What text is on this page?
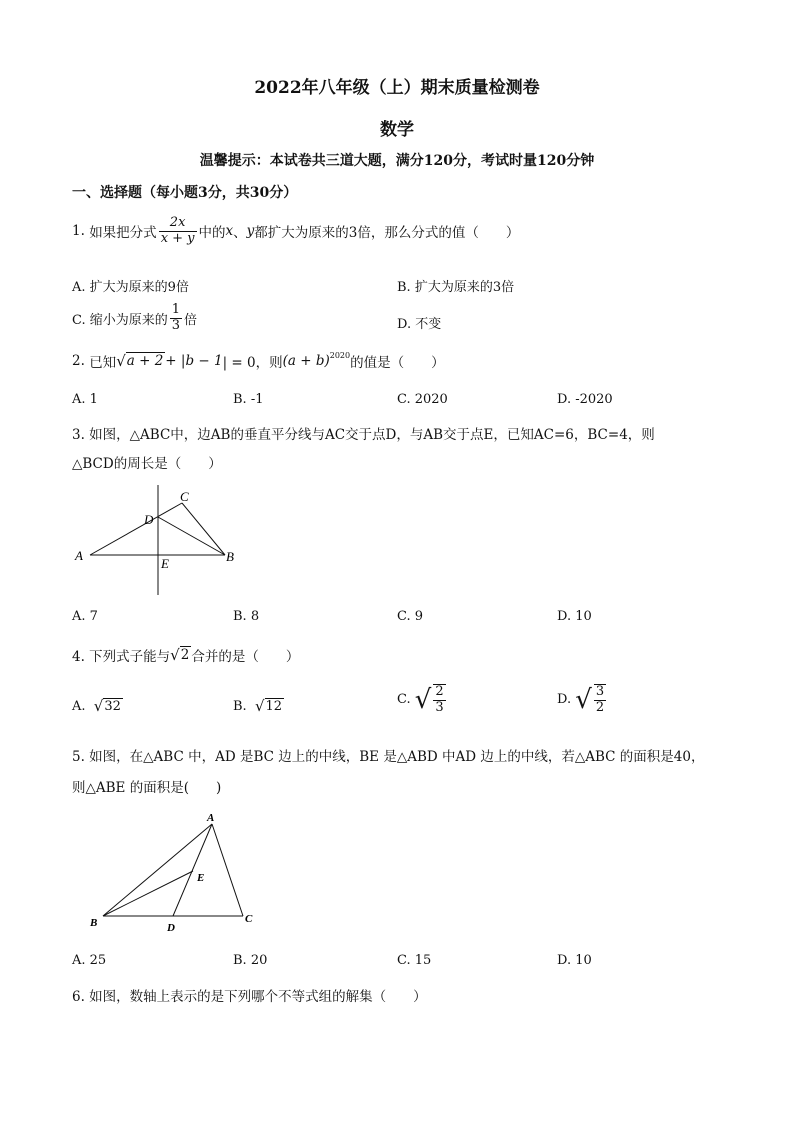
2022年八年级（上）期末质量检测卷
数学
温馨提示：本试卷共三道大题，满分120分，考试时量120分钟
一、选择题（每小题3分，共30分）
1.
如果把分式 $\frac{2x}{x + y}$ 中的 x 、 y 都扩大为原来的3倍，那么分式的值（　　）
A. 扩大为原来的9倍	B. 扩大为原来的3倍
C. 缩小为原来的 $\frac{1}{3}$ 倍	D. 不变
2.
已知 √ a + 2 + | b − 1 | = 0，则 $(a + b)^{2020}$ 的值是（　　）
A. 1	B. -1	C. 2020	D. -2020
3. 如图，△ABC中，边AB的垂直平分线与AC交于点D，与AB交于点E，已知AC=6，BC=4，则
△BCD的周长是（　　）
A	B
C
D
E
A. 7	B. 8	C. 9	D. 10
4. 下列式子能与 √ 2 合并的是（　　）
A.
√ 32	B.
√ 12	C.
√ $\frac{2}{3}$	D.
√ $\frac{3}{2}$
5. 如图，在△ABC 中，AD 是BC 边上的中线，BE 是△ABD 中AD 边上的中线，若△ABC 的面积是40，
则△ABE 的面积是(　　)
A
B	C
D
E
A. 25	B. 20	C. 15	D. 10
6. 如图，数轴上表示的是下列哪个不等式组的解集（　　）
